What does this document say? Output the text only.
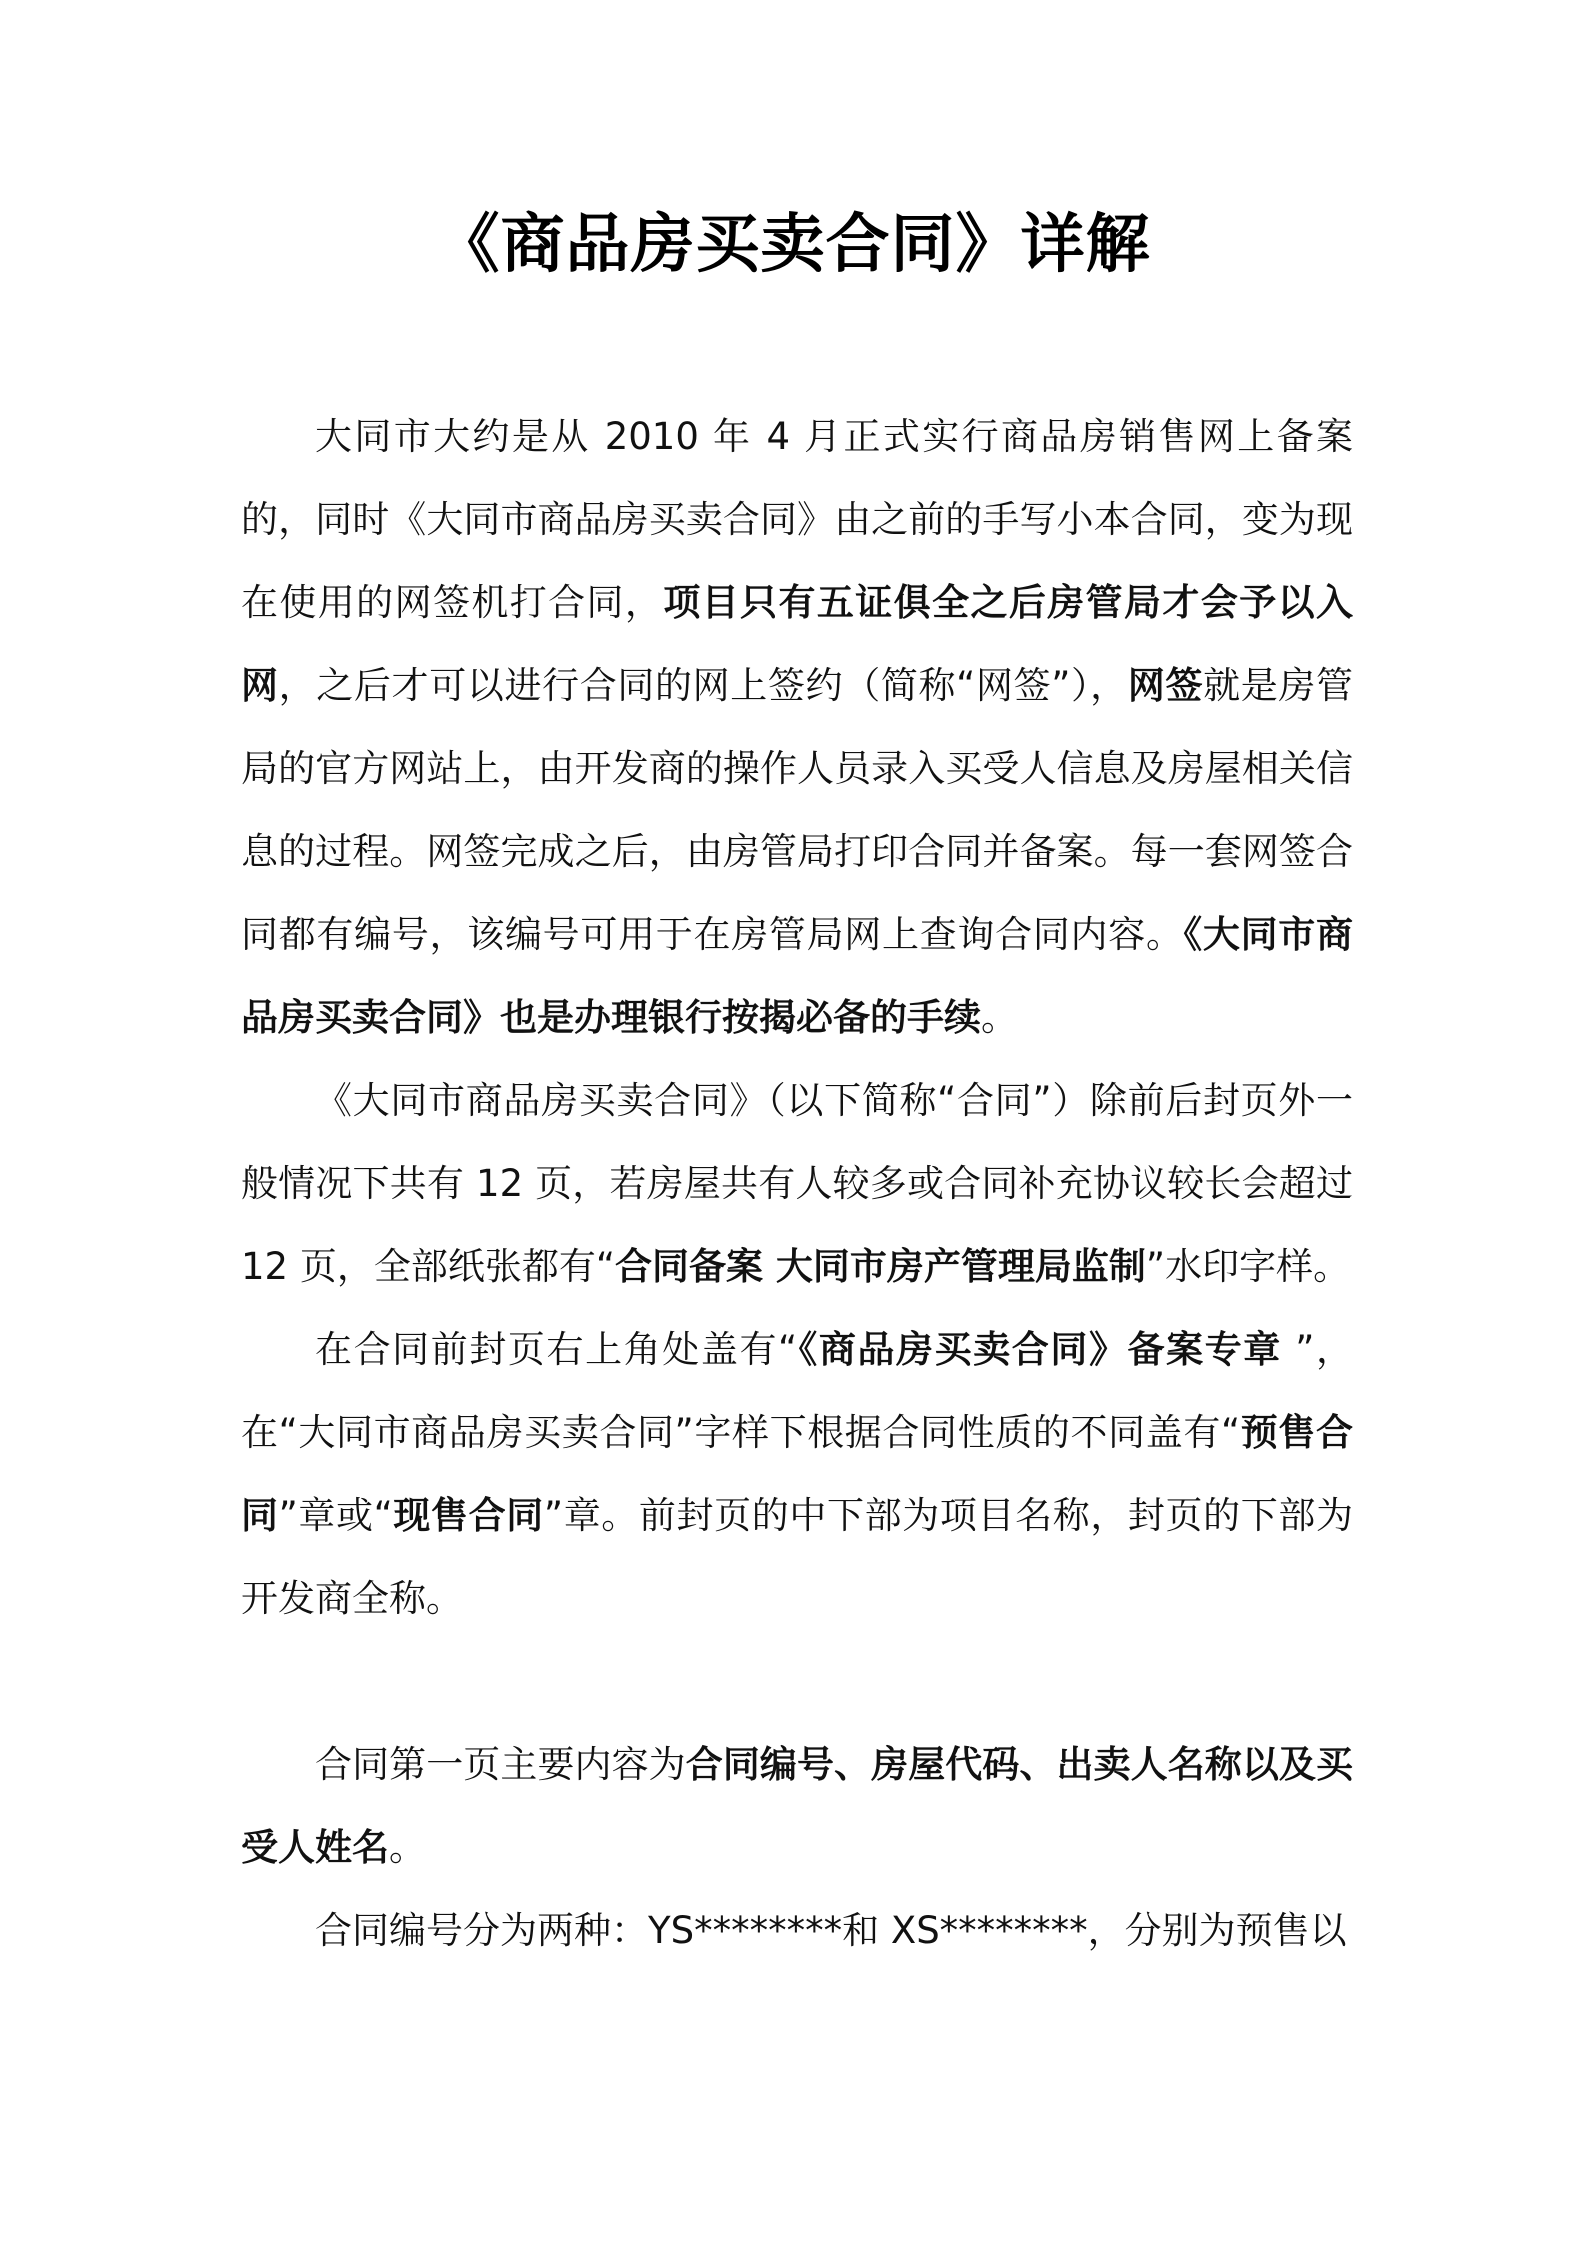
《商品房买卖合同》详解

大同市大约是从 2010 年 4 月正式实行商品房销售网上备案的，同时《大同市商品房买卖合同》由之前的手写小本合同，变为现在使用的网签机打合同，项目只有五证俱全之后房管局才会予以入网，之后才可以进行合同的网上签约（简称“网签”），网签就是房管局的官方网站上，由开发商的操作人员录入买受人信息及房屋相关信息的过程。网签完成之后，由房管局打印合同并备案。每一套网签合同都有编号，该编号可用于在房管局网上查询合同内容。《大同市商品房买卖合同》也是办理银行按揭必备的手续。

《大同市商品房买卖合同》（以下简称“合同”）除前后封页外一般情况下共有 12 页，若房屋共有人较多或合同补充协议较长会超过 12 页，全部纸张都有“合同备案 大同市房产管理局监制”水印字样。

在合同前封页右上角处盖有“《商品房买卖合同》备案专章 ”，在“大同市商品房买卖合同”字样下根据合同性质的不同盖有“预售合同”章或“现售合同”章。前封页的中下部为项目名称，封页的下部为开发商全称。

合同第一页主要内容为合同编号、房屋代码、出卖人名称以及买受人姓名。

合同编号分为两种：YS********和 XS********，分别为预售以
